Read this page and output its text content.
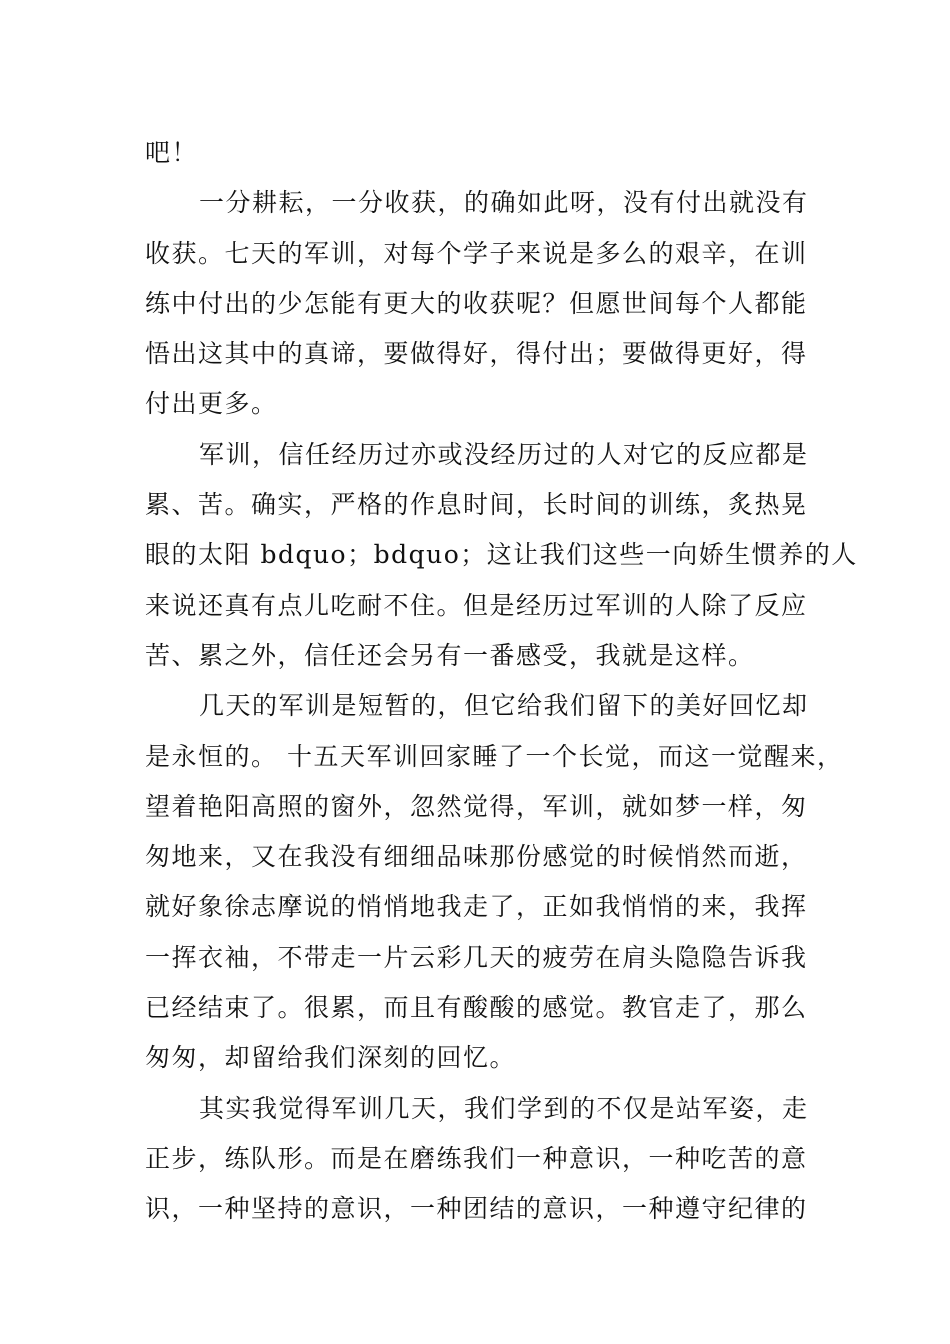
吧！
一分耕耘，一分收获，的确如此呀，没有付出就没有
收获。七天的军训，对每个学子来说是多么的艰辛，在训
练中付出的少怎能有更大的收获呢？但愿世间每个人都能
悟出这其中的真谛，要做得好，得付出；要做得更好，得
付出更多。
军训，信任经历过亦或没经历过的人对它的反应都是
累、苦。确实，严格的作息时间，长时间的训练，炙热晃
眼的太阳 bdquo；bdquo；这让我们这些一向娇生惯养的人
来说还真有点儿吃耐不住。但是经历过军训的人除了反应
苦、累之外，信任还会另有一番感受，我就是这样。
几天的军训是短暂的，但它给我们留下的美好回忆却
是永恒的。 十五天军训回家睡了一个长觉，而这一觉醒来，
望着艳阳高照的窗外，忽然觉得，军训，就如梦一样，匆
匆地来，又在我没有细细品味那份感觉的时候悄然而逝，
就好象徐志摩说的悄悄地我走了，正如我悄悄的来，我挥
一挥衣袖，不带走一片云彩几天的疲劳在肩头隐隐告诉我
已经结束了。很累，而且有酸酸的感觉。教官走了，那么
匆匆，却留给我们深刻的回忆。
其实我觉得军训几天，我们学到的不仅是站军姿，走
正步，练队形。而是在磨练我们一种意识，一种吃苦的意
识，一种坚持的意识，一种团结的意识，一种遵守纪律的
